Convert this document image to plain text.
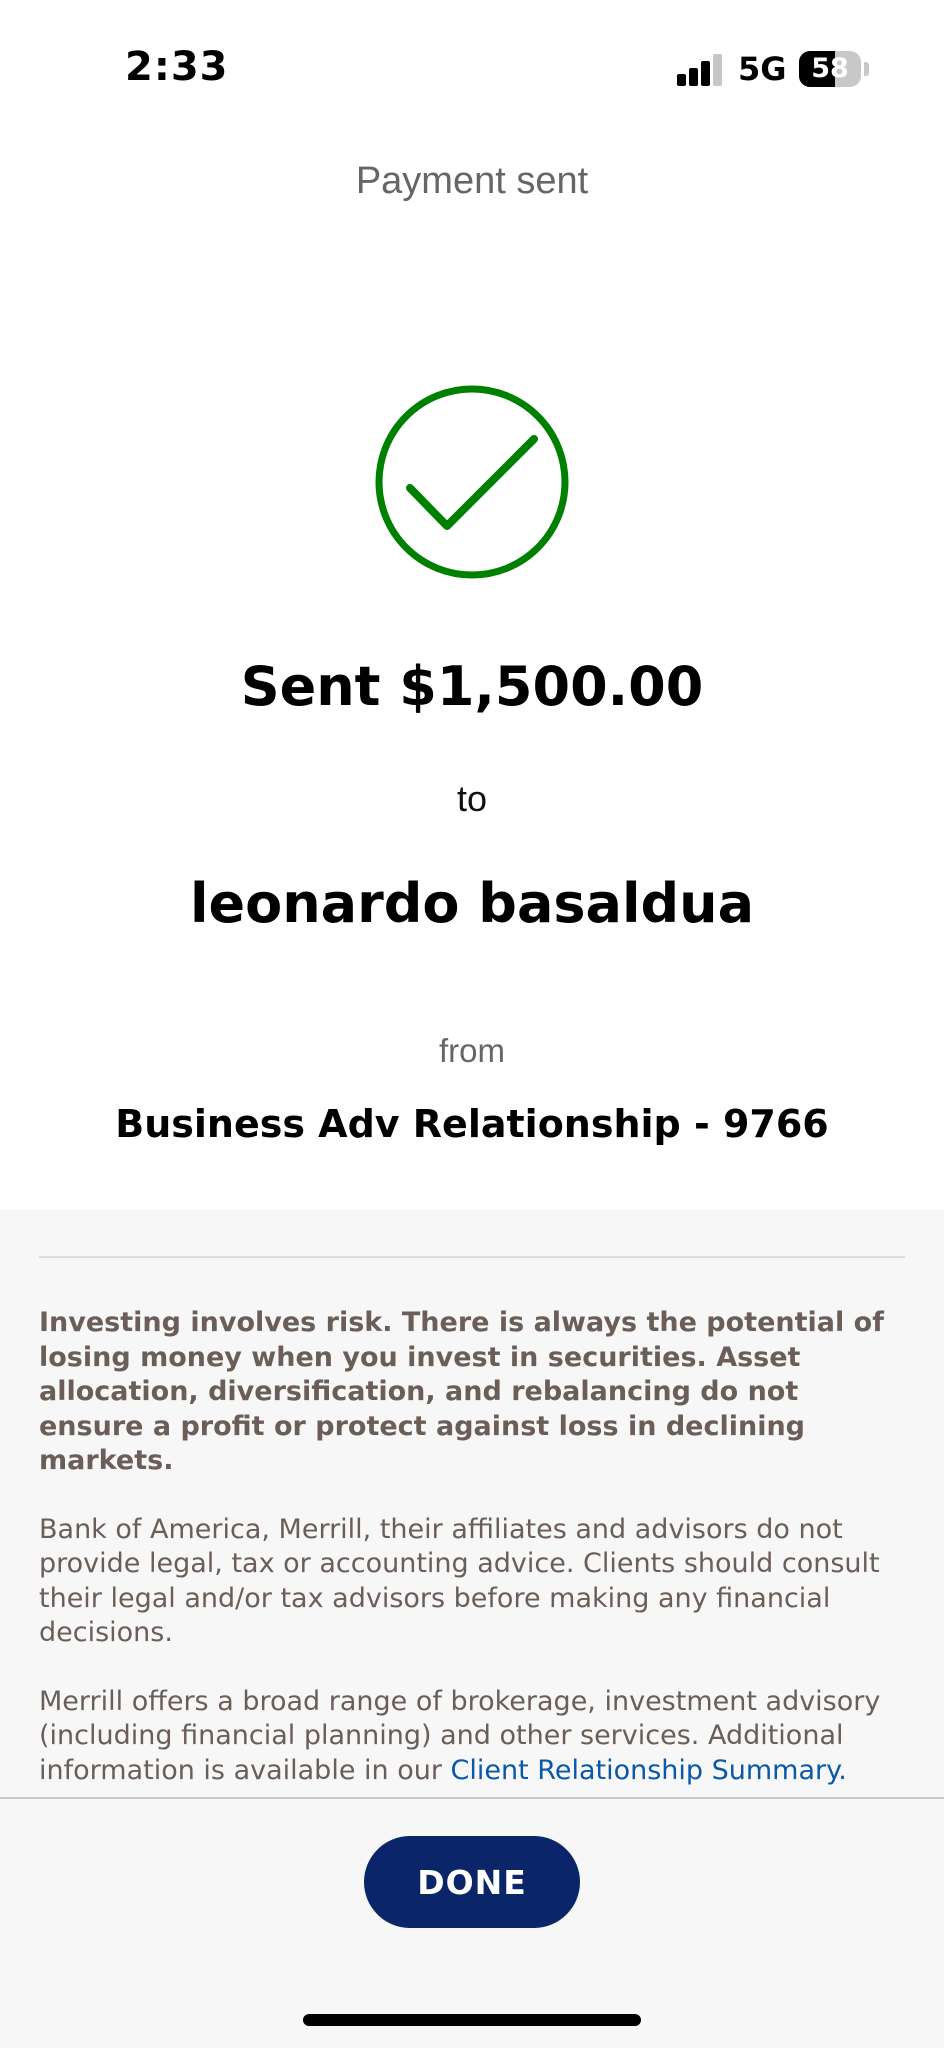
2:33	5G 58
Payment sent
Sent $1,500.00
to
leonardo basaldua
from
Business Adv Relationship - 9766

Investing involves risk. There is always the potential of losing money when you invest in securities. Asset allocation, diversification, and rebalancing do not ensure a profit or protect against loss in declining markets.

Bank of America, Merrill, their affiliates and advisors do not provide legal, tax or accounting advice. Clients should consult their legal and/or tax advisors before making any financial decisions.

Merrill offers a broad range of brokerage, investment advisory (including financial planning) and other services. Additional information is available in our Client Relationship Summary.

DONE
